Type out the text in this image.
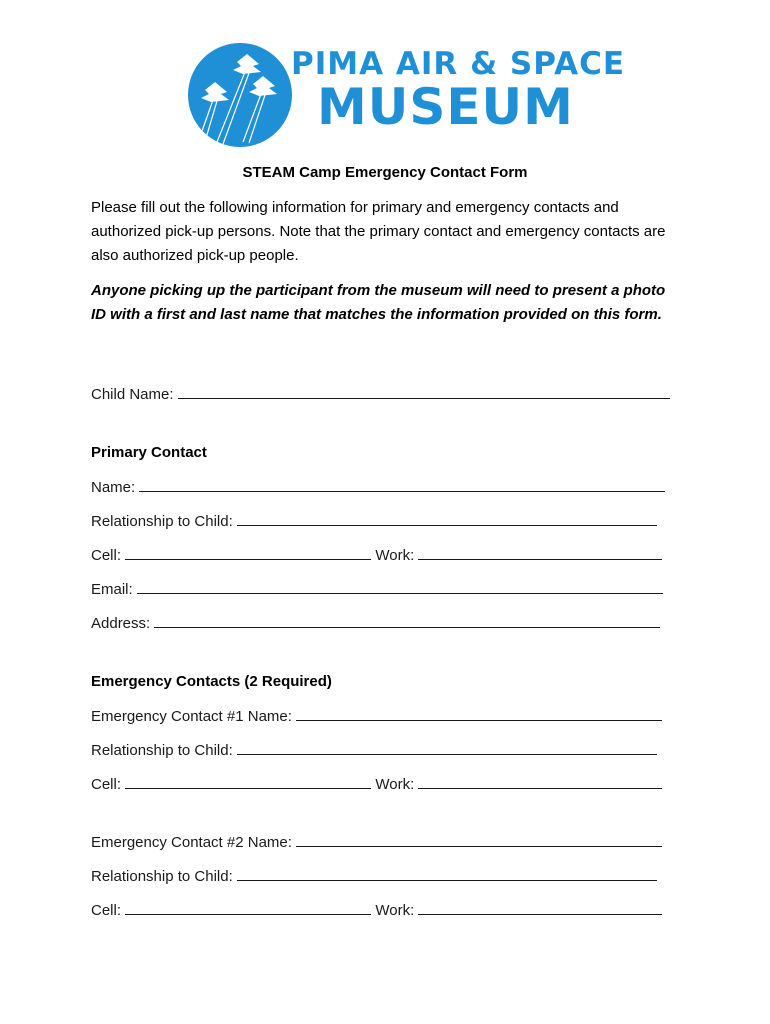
PIMA AIR & SPACE
MUSEUM
STEAM Camp Emergency Contact Form
Please fill out the following information for primary and emergency contacts and authorized pick-up persons. Note that the primary contact and emergency contacts are also authorized pick-up people.
Anyone picking up the participant from the museum will need to present a photo ID with a first and last name that matches the information provided on this form.
Child Name:
Primary Contact
Name:
Relationship to Child:
Cell:	Work:
Email:
Address:
Emergency Contacts (2 Required)
Emergency Contact #1 Name:
Relationship to Child:
Cell:	Work:
Emergency Contact #2 Name:
Relationship to Child:
Cell:	Work:
